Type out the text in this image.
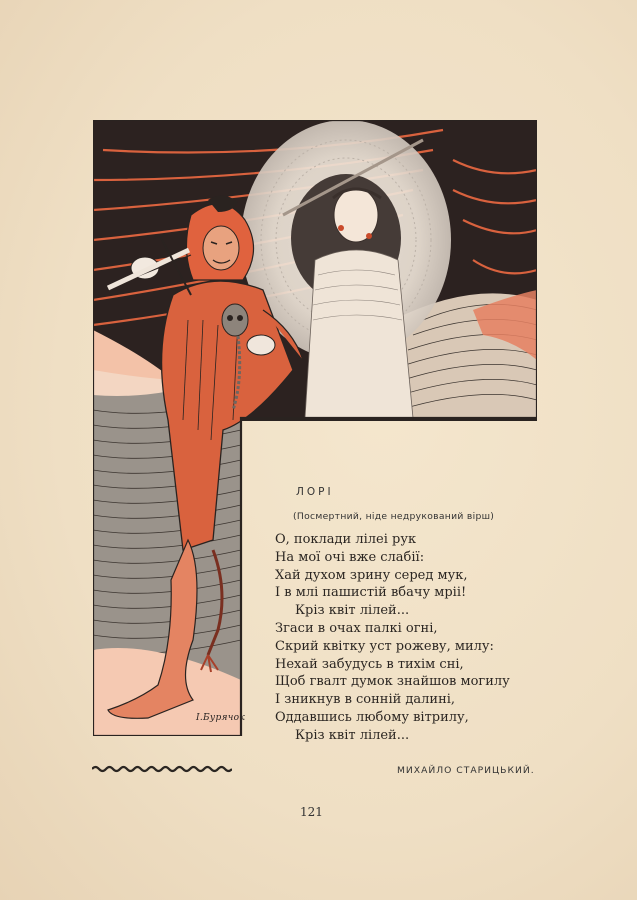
І.Бурячок
ЛОРІ
(Посмертний, ніде недрукований вірш)
О, поклади лілеі рук
На мої очі вже слабії:
Хай духом зрину серед мук,
І в млі пашистій вбачу мріі!
Кріз квіт лілей...
Згаси в очах палкі огні,
Скрий квітку уст рожеву, милу:
Нехай забудусь в тихім сні,
Щоб гвалт думок знайшов могилу
І зникнув в сонній далині,
Оддавшись любому вітрилу,
Кріз квіт лілей...
МИХАЙЛО СТАРИЦЬКИЙ.
121
